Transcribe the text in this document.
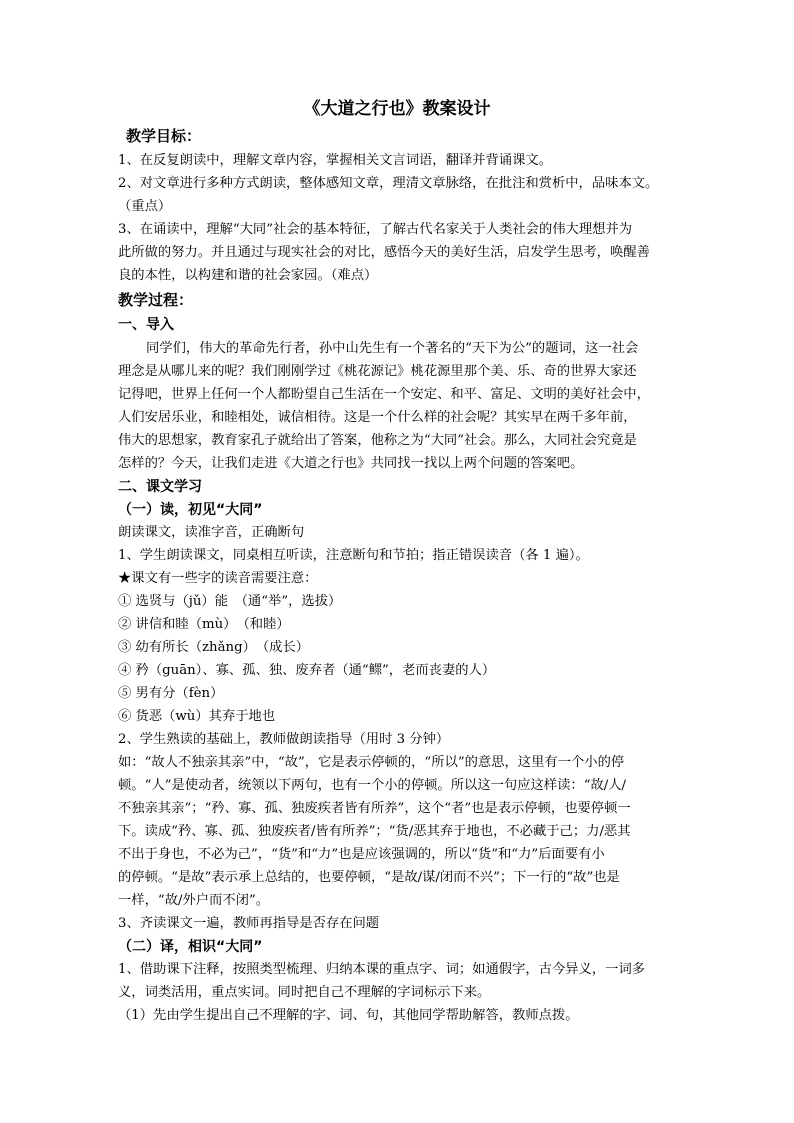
《大道之行也》教案设计

教学目标：

1、在反复朗读中，理解文章内容，掌握相关文言词语，翻译并背诵课文。

2、对文章进行多种方式朗读，整体感知文章，理清文章脉络，在批注和赏析中，品味本文。

（重点）

3、在诵读中，理解“大同”社会的基本特征，了解古代名家关于人类社会的伟大理想并为

此所做的努力。并且通过与现实社会的对比，感悟今天的美好生活，启发学生思考，唤醒善

良的本性，以构建和谐的社会家园。（难点）

教学过程：

一、导入

同学们，伟大的革命先行者，孙中山先生有一个著名的“天下为公”的题词，这一社会

理念是从哪儿来的呢？我们刚刚学过《桃花源记》桃花源里那个美、乐、奇的世界大家还

记得吧，世界上任何一个人都盼望自己生活在一个安定、和平、富足、文明的美好社会中，

人们安居乐业，和睦相处，诚信相待。这是一个什么样的社会呢？其实早在两千多年前，

伟大的思想家，教育家孔子就给出了答案，他称之为“大同”社会。那么，大同社会究竟是

怎样的？今天，让我们走进《大道之行也》共同找一找以上两个问题的答案吧。

二、课文学习

（一）读，初见“大同”

朗读课文，读准字音，正确断句

1、学生朗读课文，同桌相互听读，注意断句和节拍；指正错误读音（各 1 遍）。

★课文有一些字的读音需要注意：

① 选贤与（jǔ）能　（通“举”，选拔）

② 讲信和睦（mù）　（和睦）

③ 幼有所长（zhǎng）　（成长）

④ 矜（guān）、寡、孤、独、废弃者（通“鳏”，老而丧妻的人）

⑤ 男有分（fèn）

⑥ 货恶（wù）其弃于地也

2、学生熟读的基础上，教师做朗读指导（用时 3 分钟）

如：“故人不独亲其亲”中，“故”，它是表示停顿的，“所以”的意思，这里有一个小的停

顿。“人”是使动者，统领以下两句，也有一个小的停顿。所以这一句应这样读：“故/人/

不独亲其亲”；“矜、寡、孤、独废疾者皆有所养”，这个“者”也是表示停顿，也要停顿一

下。读成“矜、寡、孤、独废疾者/皆有所养”；“货/恶其弃于地也，不必藏于己；力/恶其

不出于身也，不必为己”，“货”和“力”也是应该强调的，所以“货”和“力”后面要有小

的停顿。“是故”表示承上总结的，也要停顿，“是故/谋/闭而不兴”；下一行的“故”也是

一样，“故/外户而不闭”。

3、齐读课文一遍，教师再指导是否存在问题

（二）译，相识“大同”

1、借助课下注释，按照类型梳理、归纳本课的重点字、词；如通假字，古今异义，一词多

义，词类活用，重点实词。同时把自己不理解的字词标示下来。

（1）先由学生提出自己不理解的字、词、句，其他同学帮助解答，教师点拨。
